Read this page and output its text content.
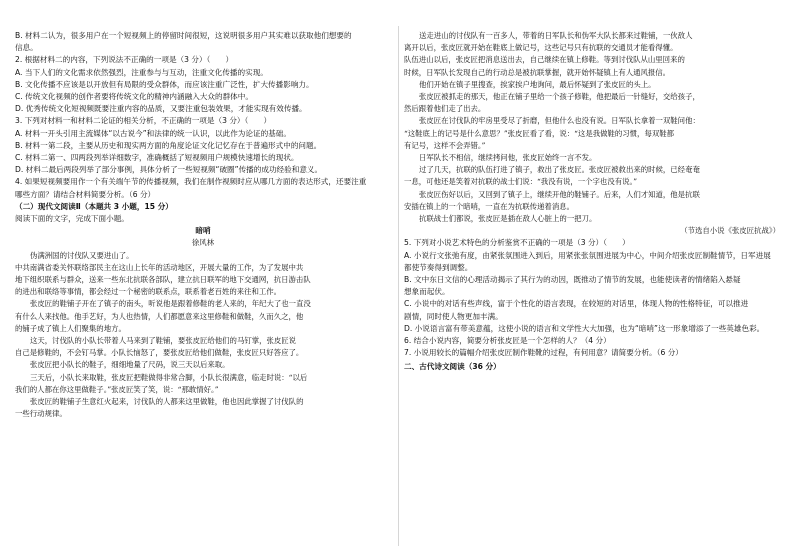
B. 材料二认为，很多用户在一个短视频上的停留时间很短，这说明很多用户其实难以获取他们想要的
信息。
2. 根据材料二的内容，下列说法不正确的一项是（3 分）（　　）
A. 当下人们的文化需求依然强烈，注重参与与互动，注重文化传播的实现。
B. 文化传播不应该是以开放但有局限的受众群体，而应该注重广泛性，扩大传播影响力。
C. 传统文化视频的创作者要将传统文化的精神内涵融入大众的群体中。
D. 优秀传统文化短视频既要注重内容的品质，又要注重包装效果，才能实现有效传播。
3. 下列对材料一和材料二论证的相关分析，不正确的一项是（3 分）（　　）
A. 材料一开头引用主流媒体“以古说今”和法律的统一认识，以此作为论证的基础。
B. 材料一第二段，主要从历史和现实两方面的角度论证文化记忆存在于普遍形式中的问题。
C. 材料二第一、四两段列举详细数字，准确概括了短视频用户规模快速增长的现状。
D. 材料二最后两段列举了部分事例，具体分析了一些短视频“破圈”传播的成功经验和意义。
4. 如果短视频要用作一个有关端午节的传播视频，我们在制作视频时应从哪几方面的表达形式，还要注重
哪些方面？请结合材料简要分析。（6 分）
（二）现代文阅读Ⅱ（本题共 3 小题，15 分）
阅读下面的文字，完成下面小题。
暗哨
徐风林
伪满洲国的讨伐队又要进山了。
中共南满省委关怀联络部民主在这山上长年的活动地区，开展大量的工作，为了发展中共
地下组织联系与群众，送来一些东北抗联各部队，建立抗日联军的地下交通网，抗日游击队
的进出和联络等事情，都会经过一个秘密的联系点，联系着老百姓的来往和工作。
张皮匠的鞋铺子开在了镇子的南头，听说他是跟着修鞋的老人来的，年纪大了也一直没
有什么人来找他。他手艺好，为人也热情，人们都愿意来这里修鞋和做鞋，久而久之，他
的铺子成了镇上人们聚集的地方。
这天，讨伐队的小队长带着人马来到了鞋铺，要张皮匠给他们的马钉掌，张皮匠说
自己是修鞋的，不会钉马掌。小队长恼怒了，要张皮匠给他们做鞋，张皮匠只好答应了。
张皮匠把小队长的鞋子，细细地量了尺码，说三天以后来取。
三天后，小队长来取鞋，张皮匠把鞋做得非常合脚，小队长很满意，临走时说：“以后
我们的人都在你这里做鞋子。”张皮匠笑了笑，说：“那敢情好。”
张皮匠的鞋铺子生意红火起来，讨伐队的人都来这里做鞋，他也因此掌握了讨伐队的
一些行动规律。
送走进山的讨伐队有一百多人，带着的日军队长和伪军大队长都来过鞋铺，一伙敌人
离开以后，张皮匠就开始在鞋底上做记号，这些记号只有抗联的交通员才能看得懂。
队伍进山以后，张皮匠把消息送出去，自己继续在镇上修鞋。等到讨伐队从山里回来的
时候，日军队长发现自己的行动总是被抗联掌握，就开始怀疑镇上有人通风报信。
他们开始在镇子里搜查，挨家挨户地询问，最后怀疑到了张皮匠的头上。
张皮匠被抓走的那天，他正在铺子里给一个孩子修鞋，他把最后一针缝好，交给孩子，
然后跟着他们走了出去。
张皮匠在讨伐队的牢房里受尽了折磨，但他什么也没有说。日军队长拿着一双鞋问他：
“这鞋底上的记号是什么意思？”张皮匠看了看，说：“这是我做鞋的习惯，每双鞋都
有记号，这样不会弄错。”
日军队长不相信，继续拷问他，张皮匠始终一言不发。
过了几天，抗联的队伍打进了镇子，救出了张皮匠。张皮匠被救出来的时候，已经奄奄
一息，可他还是笑着对抗联的战士们说：“我没有说，一个字也没有说。”
张皮匠伤好以后，又回到了镇子上，继续开他的鞋铺子。后来，人们才知道，他是抗联
安插在镇上的一个暗哨，一直在为抗联传递着消息。
抗联战士们都说，张皮匠是插在敌人心脏上的一把刀。
（节选自小说《张皮匠抗战》）
5. 下列对小说艺术特色的分析鉴赏不正确的一项是（3 分）（　　）
A. 小说行文张弛有度，由紧张氛围进入到后，用紧张张氛围进展为中心，中间介绍张皮匠制鞋情节，日军进展
都使节奏得到调整。
B. 文中东日文信的心理活动揭示了其行为的动因，既推动了情节的发展，也能使读者的情绪陷入悬疑
想象而起伏。
C. 小说中的对话有些声线，富于个性化的语言表现，在较短的对话里，体现人物的性格特征，可以推进
剧情，同时使人物更加丰满。
D. 小说语言富有带美意蕴，这使小说的语言和文学性大大加强，也为“暗哨”这一形象增添了一些英雄色彩。
6. 结合小说内容，简要分析张皮匠是一个怎样的人？（4 分）
7. 小说用较长的篇幅介绍张皮匠制作鞋靴的过程，有何用意？请简要分析。（6 分）
二、古代诗文阅读（36 分）
